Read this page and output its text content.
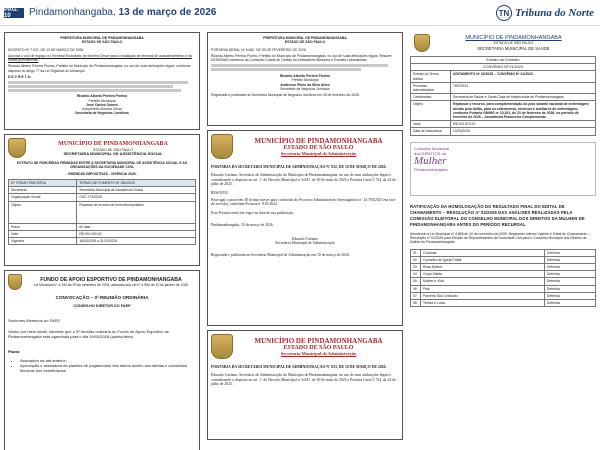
PAG. 10	Pindamonhangaba, 13 de março de 2026	TN Tribuna do Norte
PREFEITURA MUNICIPAL DE PINDAMONHANGABA
ESTADO DE SÃO PAULO
DECRETO Nº 7.022, DE 13 DE MARÇO DE 2026
Autoriza o uso de espaço no Terminal Rodoviário de Moreira César para a instalação de terminal de autoatendimento e dá outras providências.
Ricardo Alberto Pereira Piorino, Prefeito do Município de Pindamonhangaba, no uso de suas atribuições legais, conforme disposto no artigo 77 da Lei Orgânica do Município.
D E C R E T A:
Ricardo Alberto Pereira Piorino
Prefeito Municipal
José Carlos Gomes
Subprefeito Moreira César
Secretaria de Negócios Jurídicos
MUNICÍPIO DE PINDAMONHANGABA
ESTADO DE SÃO PAULO
SECRETARIA MUNICIPAL DE ASSISTÊNCIA SOCIAL
EXTRATO DE PARCERIAS FIRMADAS ENTRE A SECRETARIA MUNICIPAL DE ASSISTÊNCIA SOCIAL E AS ORGANIZAÇÕES DA SOCIEDADE CIVIL
- EMENDAS IMPOSITIVAS - VIGÊNCIA 2026 -
Nº TERMO PARCERIA	TERMO DE FOMENTO Nº 080/2026
Secretaria	Secretaria Municipal de Assistência Social
Organização Social	OSC 273/2026
Objeto	Repasse de recurso de emenda impositiva
Prazo	60 dias
Valor	R$ 000.000,00
Vigência	18/03/2026 a 31/12/2026
FUNDO DE APOIO ESPORTIVO DE PINDAMONHANGABA
Lei Municipal nº 4.154 de 09 de setembro de 2004, alterada pela Lei nº 4.984 de 10 de janeiro de 2020
CONVOCAÇÃO – 3ª REUNIÃO ORDINÁRIA
CONSELHO DIRETOR DO FAEP
Senhores Membros do FAEP,
Venho por meio deste, informar que o 3º reunião ordinária do Fundo de Apoio Esportivo de Pindamonhangaba está agendada para o dia 19/03/2026 (quinta-feira).
Pauta:
• Assinatura da ata anterior;
• Aprovação e assinatura da planilha de pagamentos dos tantos auxílio aos atletas e comissões técnicas dos beneficiados.
PREFEITURA MUNICIPAL DE PINDAMONHANGABA
ESTADO DE SÃO PAULO
PORTARIA GERAL Nº 6.060, DE 05 DE FEVEREIRO DE 2026
Ricardo Alberto Pereira Piorino, Prefeito do Município de Pindamonhangaba, no uso de suas atribuições legais, Resolve DESIGNAR membros da Comissão Criada de Gestão do Ambulatório Medicina e Exames Laboratoriais.
Ricardo Alberto Pereira Piorino
Prefeito Municipal
Anderson Plinio da Silva Alves
Secretário de Negócios Jurídicos
Registrada e publicada na Secretaria Municipal de Negócios Jurídicos em 05 de fevereiro de 2026.
MUNICÍPIO DE PINDAMONHANGABA
ESTADO DE SÃO PAULO
Secretaria Municipal de Administração
PORTARIA DA SECRETARIA MUNICIPAL DE ADMINISTRAÇÃO Nº 832, DE 10 DE MARÇO DE 2026.
Eduardo Caetano, Secretário de Administração do Município de Pindamonhangaba, no uso de suas atribuições legais e considerando o disposto no art. 1º do Decreto Municipal nº 6.847, de 30 de maio de 2023 e Portaria Geral 5.724, de 24 de julho de 2023.
RESOLVE:
Prorrogar o prazo em 30 (trinta) meses para conclusão do Processo Administrativo Investigatório nº 23.794/2025 em face do servidor, conforme Portaria nº 810/2024.
Esta Portaria entra em vigor na data de sua publicação.
Pindamonhangaba, 10 de março de 2026.
Eduardo Caetano
Secretário Municipal de Administração
Registrada e publicada na Secretaria Municipal de Administração em 10 de março de 2026.
MUNICÍPIO DE PINDAMONHANGABA
ESTADO DE SÃO PAULO
Secretaria Municipal de Administração
PORTARIA DA SECRETARIA MUNICIPAL DE ADMINISTRAÇÃO Nº 833, DE 10 DE MARÇO DE 2026.
Eduardo Caetano, Secretário de Administração do Município de Pindamonhangaba, no uso de suas atribuições legais e considerando o disposto no art. 1º do Decreto Municipal nº 6.847, de 30 de maio de 2023 e Portaria Geral 5.724, de 24 de julho de 2023.
MUNICÍPIO DE PINDAMONHANGABA
ESTADO DE SÃO PAULO
SECRETARIA MUNICIPAL DE SAÚDE
Extrato da Contrato	
CONVÊNIO Nº 01/2023	
Extrato do Termo Aditivo	ADITAMENTO Nº 02/2026 – CONVÊNIO Nº 01/2023
Processo Administrativo	78972023
Celebrantes	Secretaria de Saúde e Santa Casa de Misericórdia de Pindamonhangaba
Objeto	Repassar o recurso, para complementação do piso salarial nacional de enfermagem devido pela União, para os enfermeiros, técnicos e auxiliares de enfermagem, conforme Portaria GM/MS nº 10.202, de 23 de fevereiro de 2026, no período de fevereiro de 2026 – Assistência Financeira Complementar.
Valor	R$ 233.873,91
Data de Assinatura	10/03/2026
Conselho Municipal
dos DIREITOS da
Mulher
Pindamonhangaba
RATIFICAÇÃO DA HOMOLOGAÇÃO DO RESULTADO FINAL DO EDITAL DE CHAMAMENTO – RESOLUÇÃO nº 02/2026 DAS ANÁLISES REALIZADAS PELA COMISSÃO ELEITORAL DO CONSELHO MUNICIPAL DOS DIREITOS DA MULHER DE PINDAMONHANGABA ANTES DO PERÍODO RECURSAL
Atendendo a Lei Municipal nº 4.888 de 10 de novembro de 2009, Regimento Interno Vigente e Edital de Chamamento – Resolução nº 02/2026 para Eleição de Representantes da Sociedade Civil para o Conselho Municipal dos Direitos da Mulher de Pindamonhangaba.
01	Custódia	Deferida
02	Conselho de Igreja Cristã	Deferida
03	Rosa Mulher	Deferida
04	Grupo Bahia	Deferida
05	Mulher e Vida	Deferida
06	Pink	Deferida
07	Parceria São Cristóvão	Deferida
08	Tereza e Lucia	Deferida
